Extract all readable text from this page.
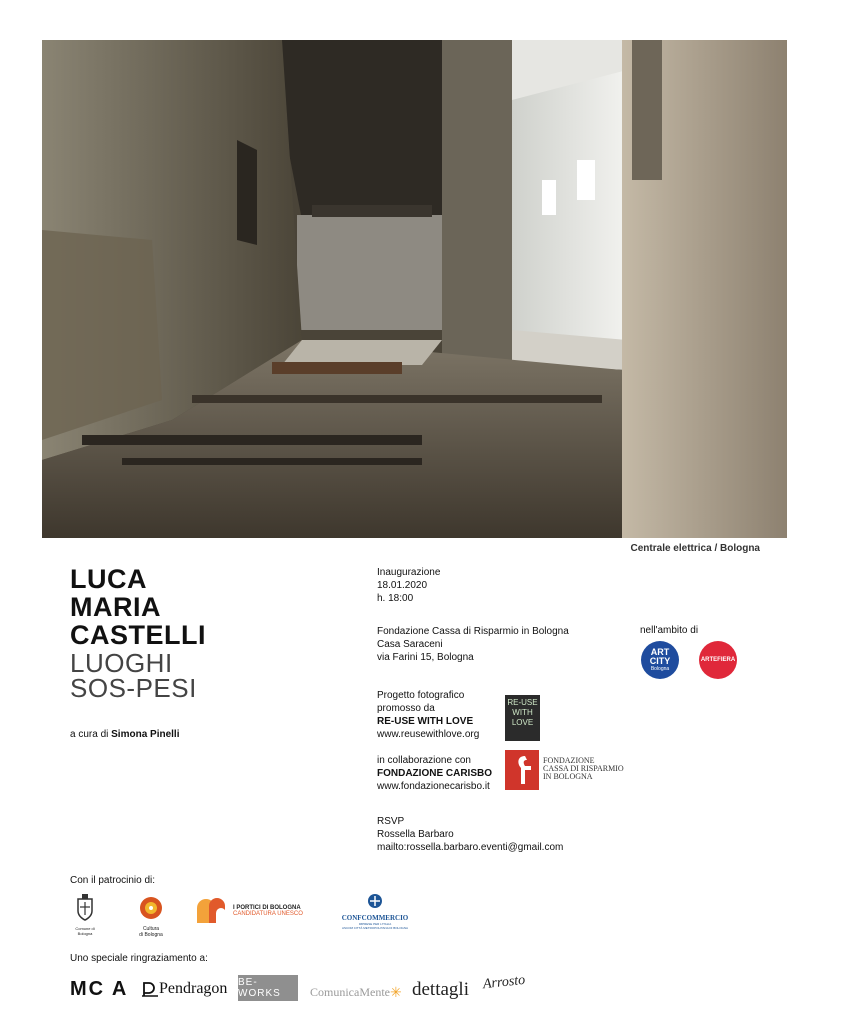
Centrale elettrica / Bologna
LUCA
MARIA
CASTELLI
LUOGHI
SOS-PESI
a cura di Simona Pinelli
Inaugurazione
18.01.2020
h. 18:00
Fondazione Cassa di Risparmio in Bologna
Casa Saraceni
via Farini 15, Bologna
Progetto fotografico
promosso da
RE-USE WITH LOVE
www.reusewithlove.org
RE-USE
WITH
LOVE
in collaborazione con
FONDAZIONE CARISBO
www.fondazionecarisbo.it
FONDAZIONE
CASSA DI RISPARMIO
IN BOLOGNA
RSVP
Rossella Barbaro
mailto:rossella.barbaro.eventi@gmail.com
nell'ambito di
ART
CITY
Bologna
ARTEFIERA
Con il patrocinio di:
Comune di Bologna
Cultura
di Bologna
I PORTICI DI BOLOGNA
CANDIDATURA UNESCO	CONFCOMMERCIO
IMPRESE PER L'ITALIA
ASCOM CITTÀ METROPOLITANA DI BOLOGNA
Uno speciale ringraziamento a:
MC A Pendragon BE-WORKS	ComunicaMente✳ dettagli Arrosto
